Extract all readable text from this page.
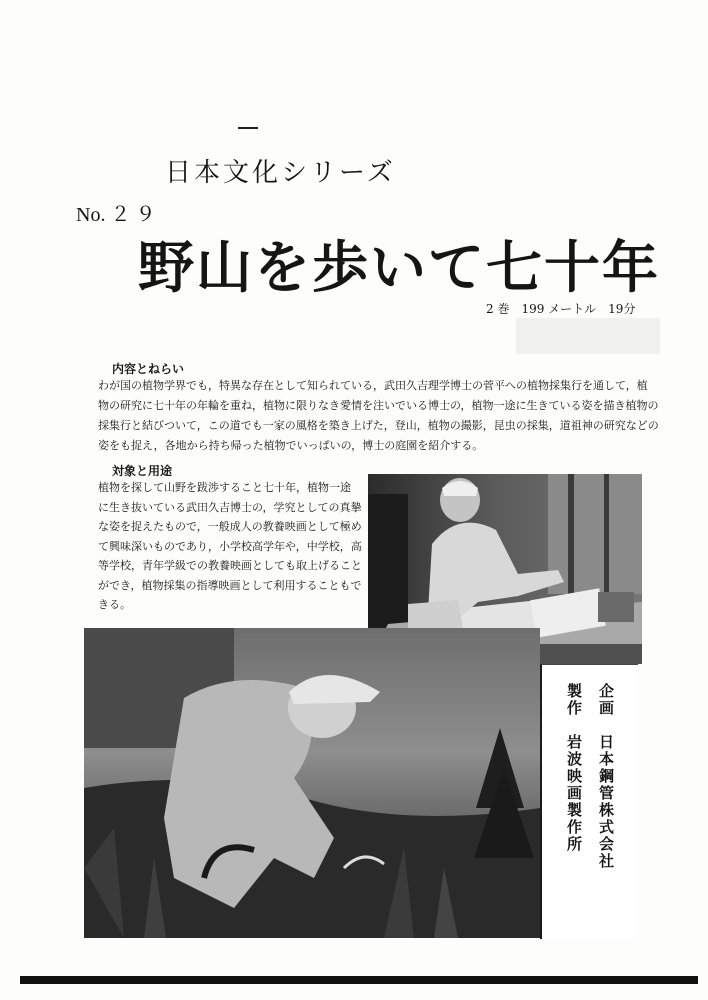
日本文化シリーズ
No. ２ ９
野山を歩いて七十年
2 巻　199 メートル　19分
内容とねらい
わが国の植物学界でも，特異な存在として知られている，武田久吉理学博士の菅平への植物採集行を通して，植
物の研究に七十年の年輪を重ね，植物に限りなき愛情を注いでいる博士の，植物一途に生きている姿を描き植物の
採集行と結びついて，この道でも一家の風格を築き上げた，登山，植物の撮影，昆虫の採集，道祖神の研究などの
姿をも捉え，各地から持ち帰った植物でいっぱいの，博士の庭園を紹介する。
対象と用途
植物を探して山野を跋渉すること七十年，植物一途
に生き抜いている武田久吉博士の，学究としての真摯
な姿を捉えたもので，一般成人の教養映画として極め
て興味深いものであり，小学校高学年や，中学校，高
等学校，青年学級での教養映画としても取上げること
ができ，植物採集の指導映画として利用することもで
きる。
製作　岩波映画製作所 企画　日本鋼管株式会社
